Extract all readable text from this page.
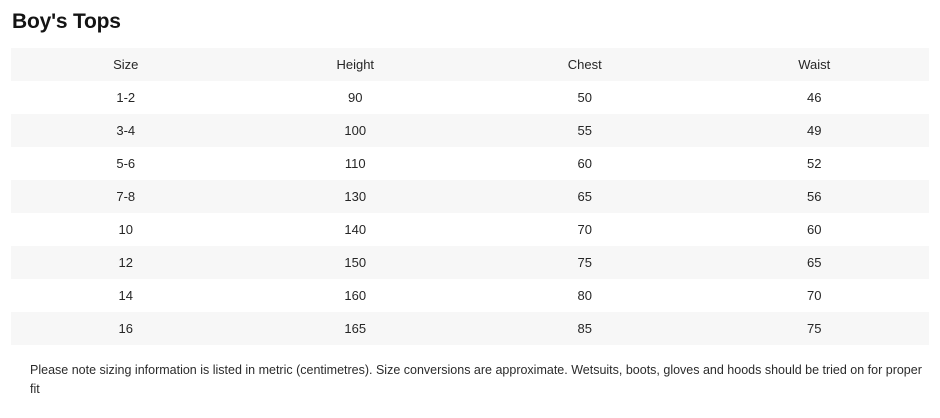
Boy's Tops
Size	Height	Chest	Waist
1-2	90	50	46
3-4	100	55	49
5-6	110	60	52
7-8	130	65	56
10	140	70	60
12	150	75	65
14	160	80	70
16	165	85	75

Please note sizing information is listed in metric (centimetres). Size conversions are approximate. Wetsuits, boots, gloves and hoods should be tried on for proper fit
